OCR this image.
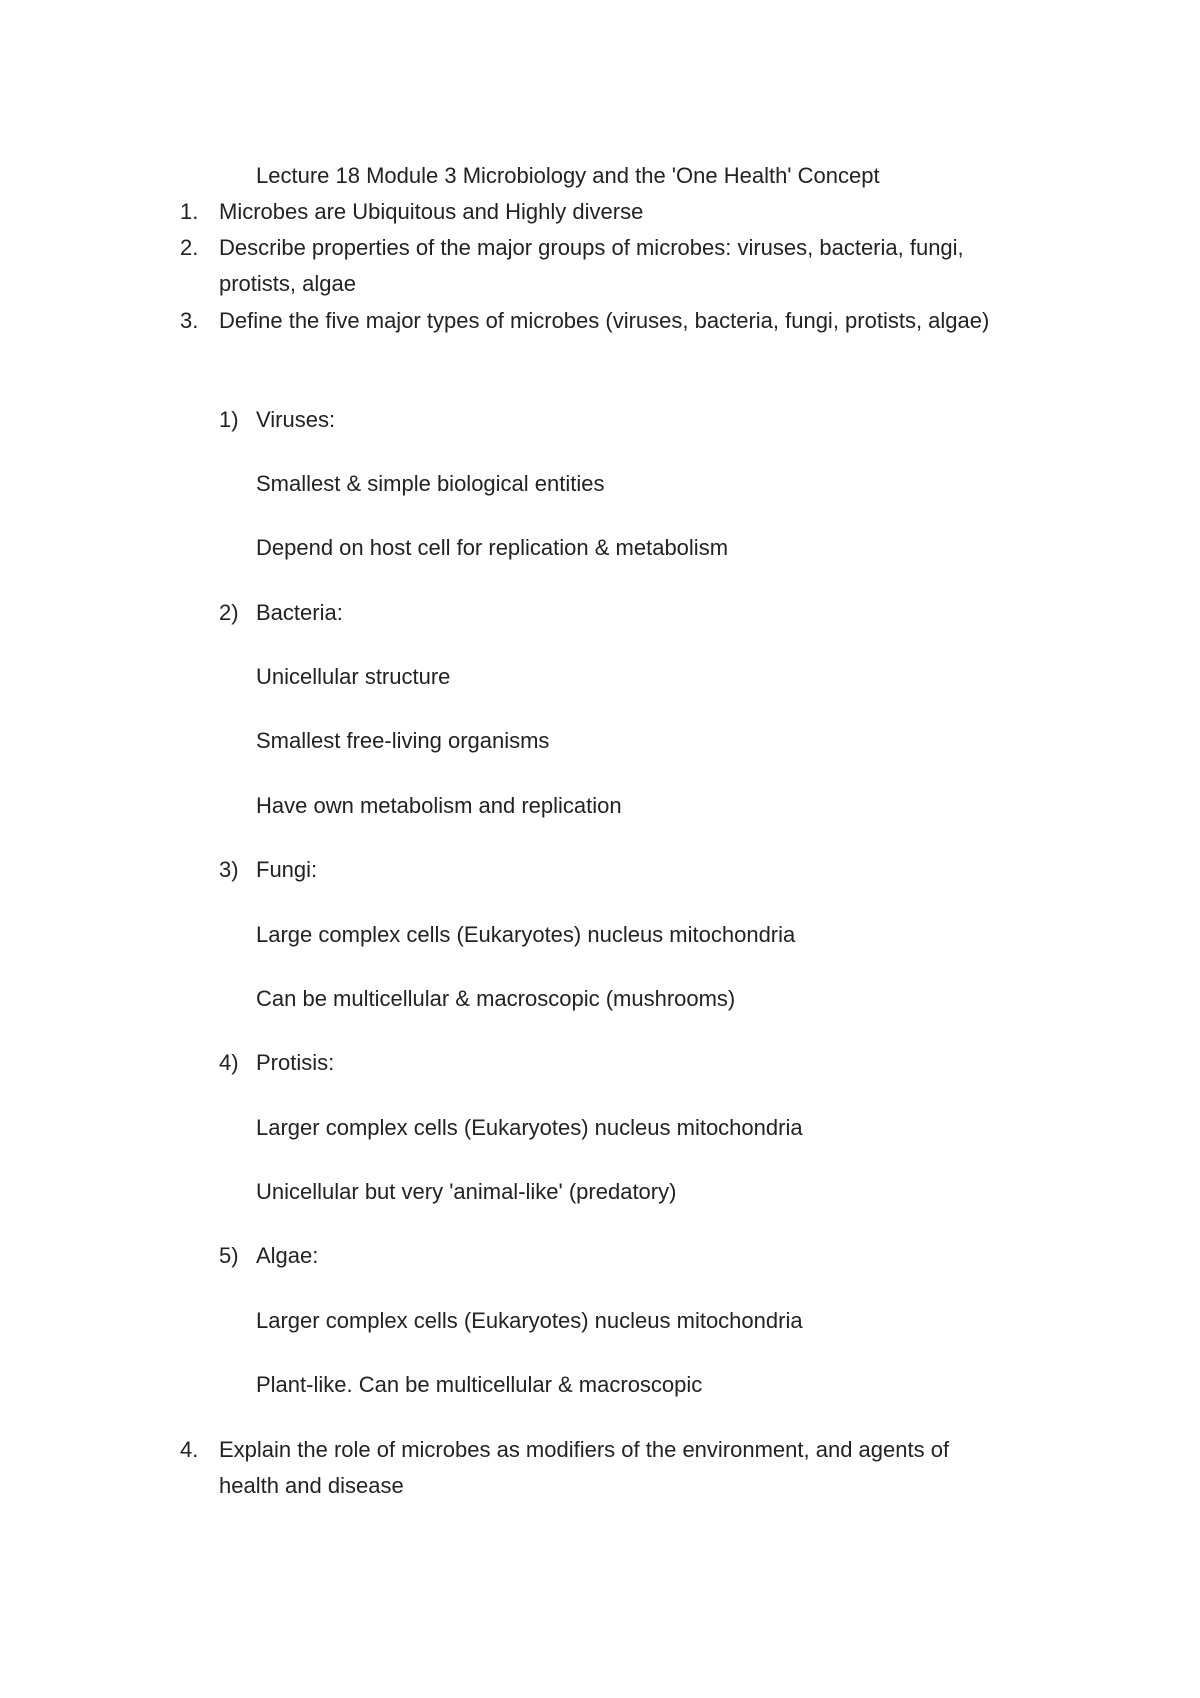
Lecture 18 Module 3 Microbiology and the 'One Health' Concept
1. Microbes are Ubiquitous and Highly diverse
2. Describe properties of the major groups of microbes: viruses, bacteria, fungi, protists, algae
3. Define the five major types of microbes (viruses, bacteria, fungi, protists, algae)
1) Viruses:
Smallest & simple biological entities
Depend on host cell for replication & metabolism
2) Bacteria:
Unicellular structure
Smallest free-living organisms
Have own metabolism and replication
3) Fungi:
Large complex cells (Eukaryotes) nucleus mitochondria
Can be multicellular & macroscopic (mushrooms)
4) Protisis:
Larger complex cells (Eukaryotes) nucleus mitochondria
Unicellular but very 'animal-like' (predatory)
5) Algae:
Larger complex cells (Eukaryotes) nucleus mitochondria
Plant-like. Can be multicellular & macroscopic
4. Explain the role of microbes as modifiers of the environment, and agents of health and disease
